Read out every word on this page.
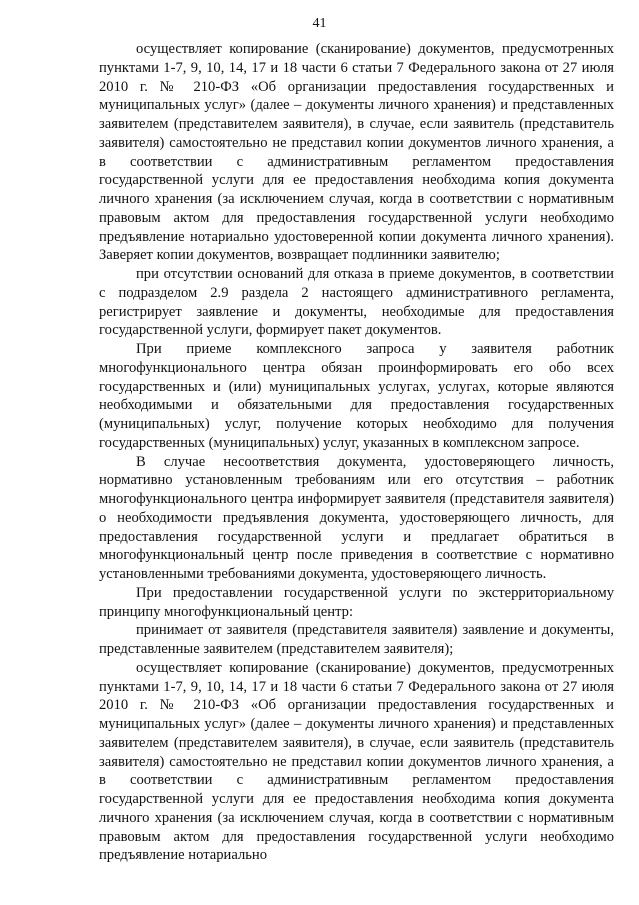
41

осуществляет копирование (сканирование) документов, предусмотренных пунктами 1-7, 9, 10, 14, 17 и 18 части 6 статьи 7 Федерального закона от 27 июля 2010 г. № 210-ФЗ «Об организации предоставления государственных и муниципальных услуг» (далее – документы личного хранения) и представленных заявителем (представителем заявителя), в случае, если заявитель (представитель заявителя) самостоятельно не представил копии документов личного хранения, а в соответствии с административным регламентом предоставления государственной услуги для ее предоставления необходима копия документа личного хранения (за исключением случая, когда в соответствии с нормативным правовым актом для предоставления государственной услуги необходимо предъявление нотариально удостоверенной копии документа личного хранения). Заверяет копии документов, возвращает подлинники заявителю;

при отсутствии оснований для отказа в приеме документов, в соответствии с подразделом 2.9 раздела 2 настоящего административного регламента, регистрирует заявление и документы, необходимые для предоставления государственной услуги, формирует пакет документов.

При приеме комплексного запроса у заявителя работник многофункционального центра обязан проинформировать его обо всех государственных и (или) муниципальных услугах, услугах, которые являются необходимыми и обязательными для предоставления государственных (муниципальных) услуг, получение которых необходимо для получения государственных (муниципальных) услуг, указанных в комплексном запросе.

В случае несоответствия документа, удостоверяющего личность, нормативно установленным требованиям или его отсутствия – работник многофункционального центра информирует заявителя (представителя заявителя) о необходимости предъявления документа, удостоверяющего личность, для предоставления государственной услуги и предлагает обратиться в многофункциональный центр после приведения в соответствие с нормативно установленными требованиями документа, удостоверяющего личность.

При предоставлении государственной услуги по экстерриториальному принципу многофункциональный центр:

принимает от заявителя (представителя заявителя) заявление и документы, представленные заявителем (представителем заявителя);

осуществляет копирование (сканирование) документов, предусмотренных пунктами 1-7, 9, 10, 14, 17 и 18 части 6 статьи 7 Федерального закона от 27 июля 2010 г. № 210-ФЗ «Об организации предоставления государственных и муниципальных услуг» (далее – документы личного хранения) и представленных заявителем (представителем заявителя), в случае, если заявитель (представитель заявителя) самостоятельно не представил копии документов личного хранения, а в соответствии с административным регламентом предоставления государственной услуги для ее предоставления необходима копия документа личного хранения (за исключением случая, когда в соответствии с нормативным правовым актом для предоставления государственной услуги необходимо предъявление нотариально
